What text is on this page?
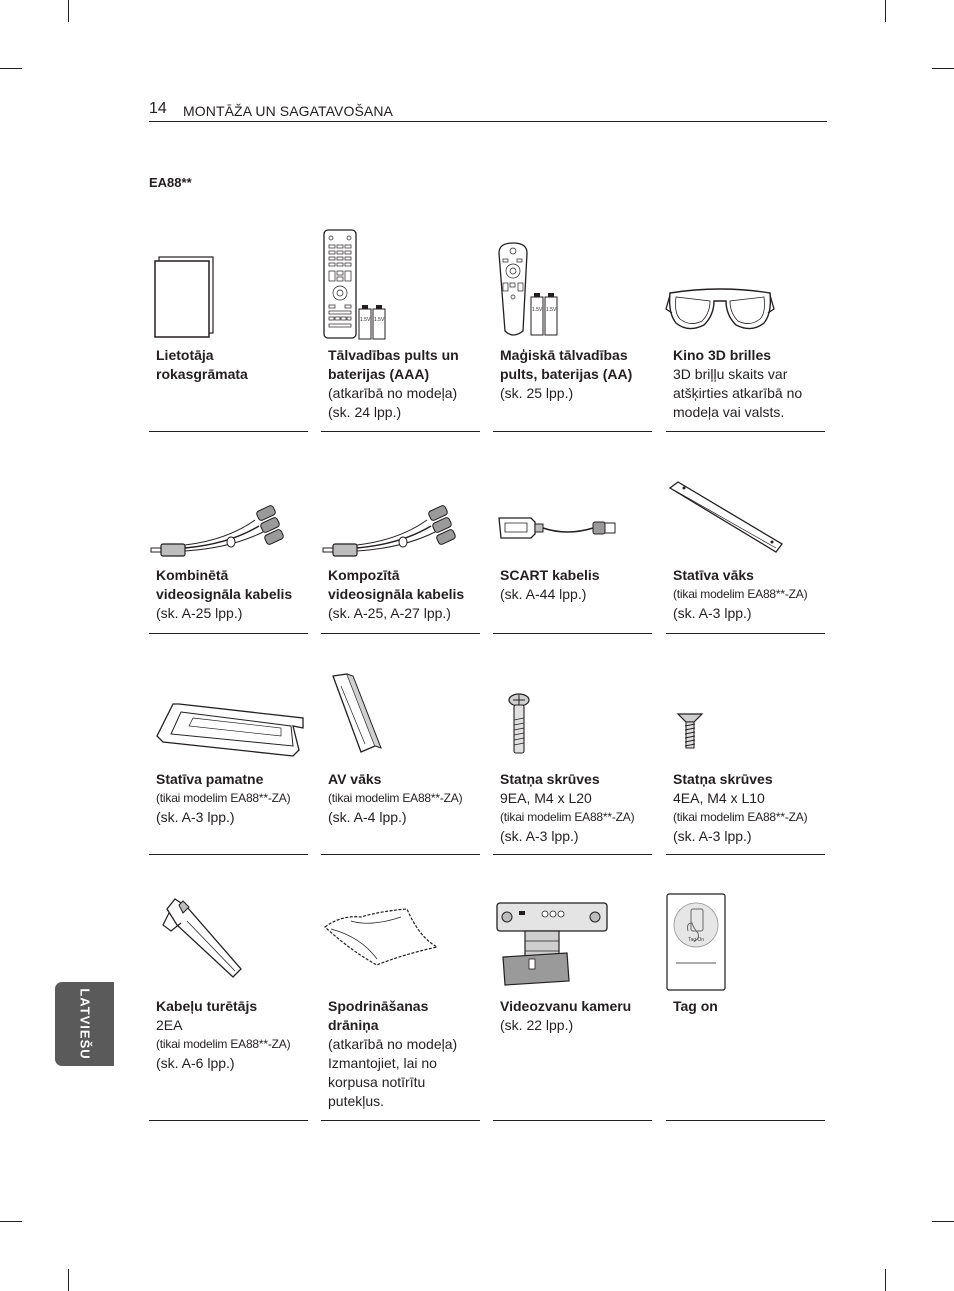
14 MONTĀŽA UN SAGATAVOŠANA
EA88**
LATVIEŠU
Lietotāja rokasgrāmata
1.5V 1.5V
Tālvadības pults un baterijas (AAA)
(atkarībā no modeļa)
(sk. 24 lpp.)
1.5V 1.5V
Maģiskā tālvadības pults, baterijas (AA)
(sk. 25 lpp.)
Kino 3D brilles
3D briļļu skaits var atšķirties atkarībā no modeļa vai valsts.
Kombinētā videosignāla kabelis
(sk. A-25 lpp.)
Kompozītā videosignāla kabelis
(sk. A-25, A-27 lpp.)
SCART kabelis
(sk. A-44 lpp.)
Statīva vāks
(tikai modelim EA88**-ZA)
(sk. A-3 lpp.)
Statīva pamatne
(tikai modelim EA88**-ZA)
(sk. A-3 lpp.)
AV vāks
(tikai modelim EA88**-ZA)
(sk. A-4 lpp.)
Statņa skrūves
9EA, M4 x L20
(tikai modelim EA88**-ZA)
(sk. A-3 lpp.)
Statņa skrūves
4EA, M4 x L10
(tikai modelim EA88**-ZA)
(sk. A-3 lpp.)
Kabeļu turētājs
2EA
(tikai modelim EA88**-ZA)
(sk. A-6 lpp.)
Spodrināšanas drāniņa
(atkarībā no modeļa)
Izmantojiet, lai no korpusa notīrītu putekļus.
Videozvanu kameru
(sk. 22 lpp.)
Tag On
Tag on
